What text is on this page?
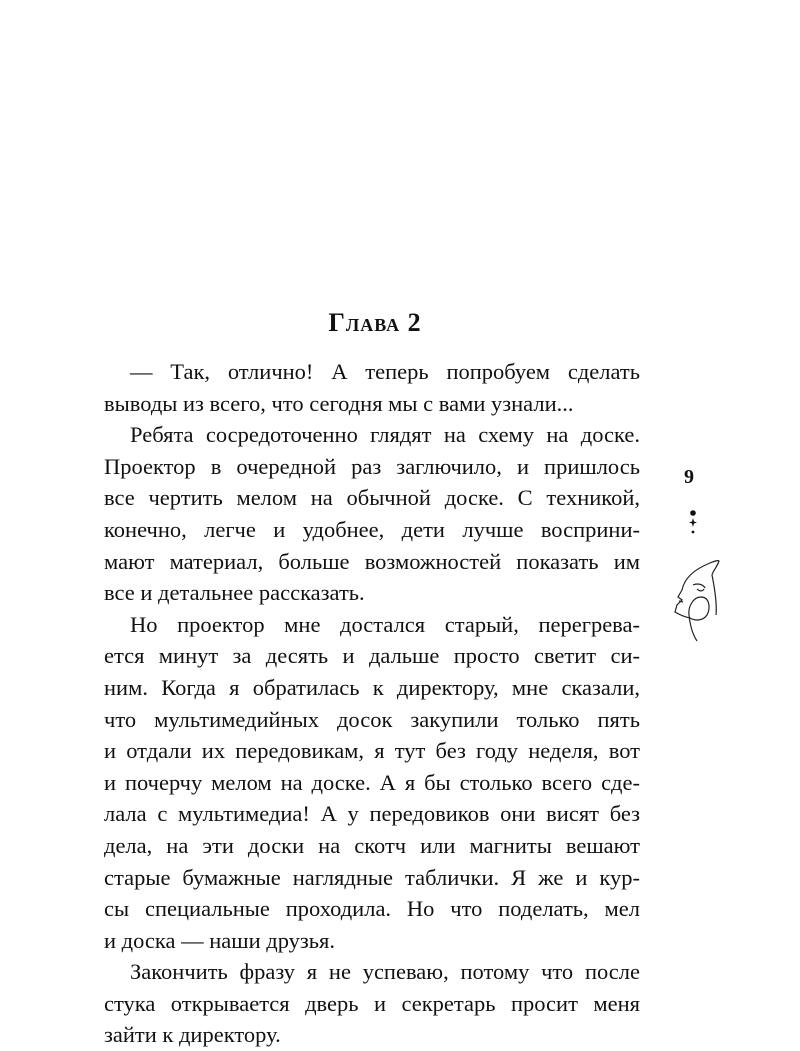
Глава 2
— Так, отлично! А теперь попробуем сделать
выводы из всего, что сегодня мы с вами узнали...
Ребята сосредоточенно глядят на схему на доске.
Проектор в очередной раз заглючило, и пришлось
все чертить мелом на обычной доске. С техникой,
конечно, легче и удобнее, дети лучше восприни-
мают материал, больше возможностей показать им
все и детальнее рассказать.
Но проектор мне достался старый, перегрева-
ется минут за десять и дальше просто светит си-
ним. Когда я обратилась к директору, мне сказали,
что мультимедийных досок закупили только пять
и отдали их передовикам, я тут без году неделя, вот
и почерчу мелом на доске. А я бы столько всего сде-
лала с мультимедиа! А у передовиков они висят без
дела, на эти доски на скотч или магниты вешают
старые бумажные наглядные таблички. Я же и кур-
сы специальные проходила. Но что поделать, мел
и доска — наши друзья.
Закончить фразу я не успеваю, потому что после
стука открывается дверь и секретарь просит меня
зайти к директору.
9
